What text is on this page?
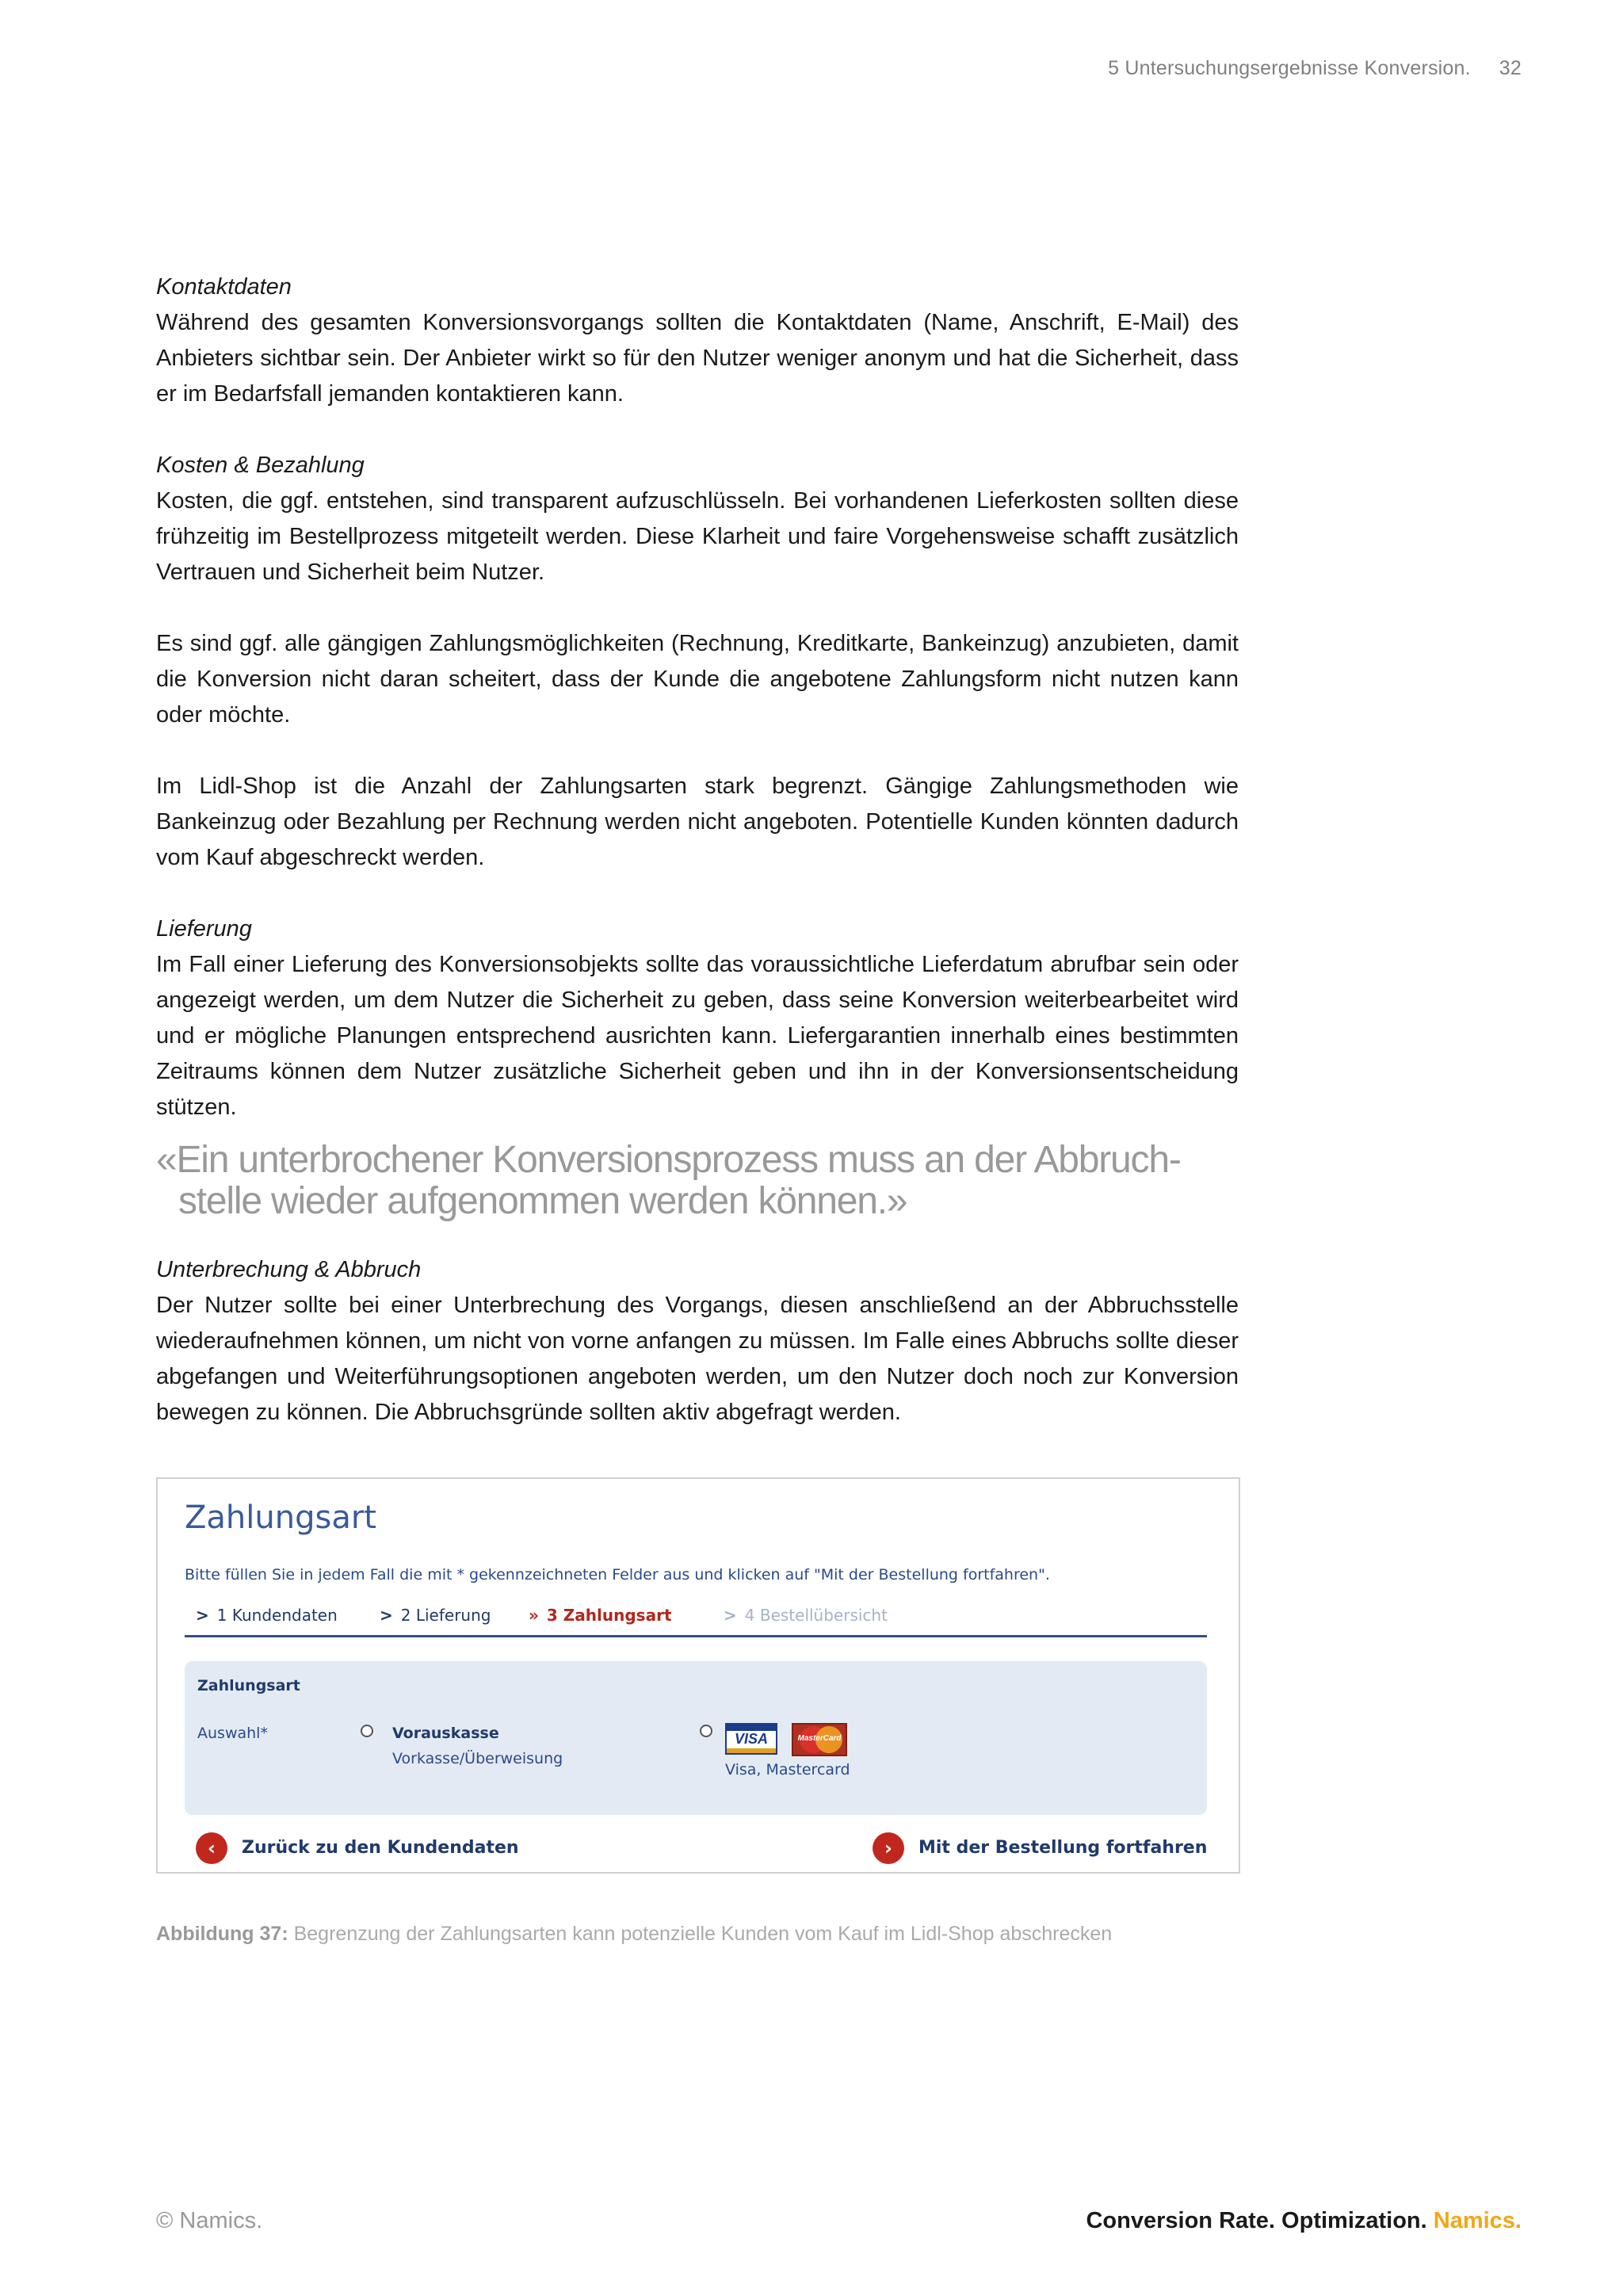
5 Untersuchungsergebnisse Konversion. 32
Kontaktdaten

Während des gesamten Konversionsvorgangs sollten die Kontaktdaten (Name, Anschrift, E-Mail) des Anbieters sichtbar sein. Der Anbieter wirkt so für den Nutzer weniger anonym und hat die Sicherheit, dass er im Bedarfsfall jemanden kontaktieren kann.

Kosten & Bezahlung

Kosten, die ggf. entstehen, sind transparent aufzuschlüsseln. Bei vorhandenen Lieferkosten sollten diese frühzeitig im Bestellprozess mitgeteilt werden. Diese Klarheit und faire Vorgehensweise schafft zusätzlich Vertrauen und Sicherheit beim Nutzer.

Es sind ggf. alle gängigen Zahlungsmöglichkeiten (Rechnung, Kreditkarte, Bankeinzug) anzubieten, damit die Konversion nicht daran scheitert, dass der Kunde die angebotene Zahlungsform nicht nutzen kann oder möchte.

Im Lidl-Shop ist die Anzahl der Zahlungsarten stark begrenzt. Gängige Zahlungsmethoden wie Bankeinzug oder Bezahlung per Rechnung werden nicht angeboten. Potentielle Kunden könnten dadurch vom Kauf abgeschreckt werden.

Lieferung

Im Fall einer Lieferung des Konversionsobjekts sollte das voraussichtliche Lieferdatum abrufbar sein oder angezeigt werden, um dem Nutzer die Sicherheit zu geben, dass seine Konversion weiterbearbeitet wird und er mögliche Planungen entsprechend ausrichten kann. Liefergarantien innerhalb eines bestimmten Zeitraums können dem Nutzer zusätzliche Sicherheit geben und ihn in der Konversionsentscheidung stützen.

«Ein unterbrochener Konversionsprozess muss an der Abbruch-
stelle wieder aufgenommen werden können.»
Unterbrechung & Abbruch

Der Nutzer sollte bei einer Unterbrechung des Vorgangs, diesen anschließend an der Abbruchsstelle wiederaufnehmen können, um nicht von vorne anfangen zu müssen. Im Falle eines Abbruchs sollte dieser abgefangen und Weiterführungsoptionen angeboten werden, um den Nutzer doch noch zur Konversion bewegen zu können. Die Abbruchsgründe sollten aktiv abgefragt werden.

Zahlungsart
Bitte füllen Sie in jedem Fall die mit * gekennzeichneten Felder aus und klicken auf "Mit der Bestellung fortfahren".
> 1 Kundendaten	> 2 Lieferung » 3 Zahlungsart	> 4 Bestellübersicht
Zahlungsart
Auswahl*	Vorauskasse
Vorkasse/Überweisung
VISA	MasterCard
Visa, Mastercard
‹	Zurück zu den Kundendaten	›	Mit der Bestellung fortfahren
Abbildung 37: Begrenzung der Zahlungsarten kann potenzielle Kunden vom Kauf im Lidl-Shop abschrecken
© Namics.	Conversion Rate. Optimization. Namics.
